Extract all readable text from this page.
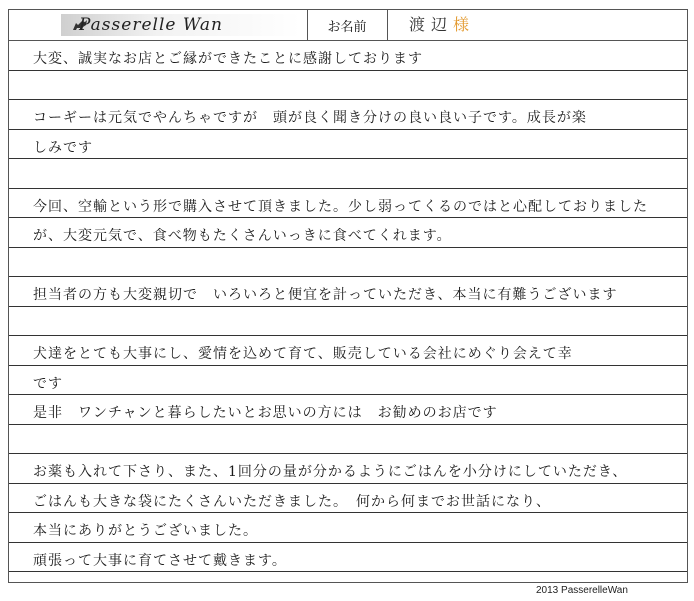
Passerelle Wan	お名前	渡辺様
大変、誠実なお店とご縁ができたことに感謝しております
コーギーは元気でやんちゃですが　頭が良く聞き分けの良い良い子です。成長が楽
しみです
今回、空輸という形で購入させて頂きました。少し弱ってくるのではと心配しておりました
が、大変元気で、食べ物もたくさんいっきに食べてくれます。
担当者の方も大変親切で　いろいろと便宜を計っていただき、本当に有難うございます
犬達をとても大事にし、愛情を込めて育て、販売している会社にめぐり会えて幸
です
是非　ワンチャンと暮らしたいとお思いの方には　お勧めのお店です
お薬も入れて下さり、また、1回分の量が分かるようにごはんを小分けにしていただき、
ごはんも大きな袋にたくさんいただきました。　何から何までお世話になり、
本当にありがとうございました。
頑張って大事に育てさせて戴きます。
2013 PasserelleWan
